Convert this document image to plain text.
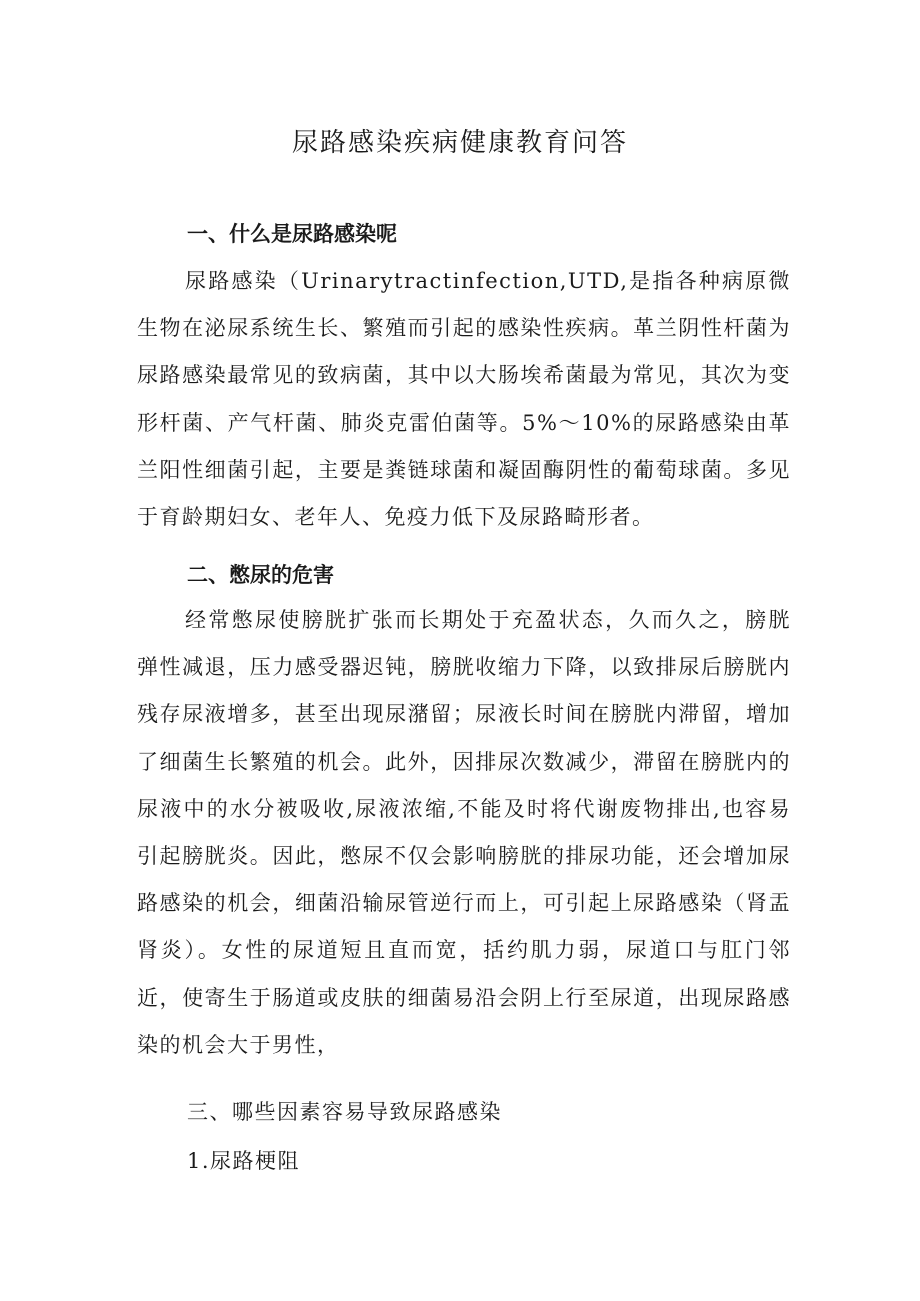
尿路感染疾病健康教育问答
一、什么是尿路感染呢
尿路感染（Urinarytractinfection,UTD,是指各种病原微生物在泌尿系统生长、繁殖而引起的感染性疾病。革兰阴性杆菌为尿路感染最常见的致病菌，其中以大肠埃希菌最为常见，其次为变形杆菌、产气杆菌、肺炎克雷伯菌等。5%～10%的尿路感染由革兰阳性细菌引起，主要是粪链球菌和凝固酶阴性的葡萄球菌。多见于育龄期妇女、老年人、免疫力低下及尿路畸形者。
二、憋尿的危害
经常憋尿使膀胱扩张而长期处于充盈状态，久而久之，膀胱弹性减退，压力感受器迟钝，膀胱收缩力下降，以致排尿后膀胱内残存尿液增多，甚至出现尿潴留；尿液长时间在膀胱内滞留，增加了细菌生长繁殖的机会。此外，因排尿次数减少，滞留在膀胱内的尿液中的水分被吸收,尿液浓缩,不能及时将代谢废物排出,也容易引起膀胱炎。因此，憋尿不仅会影响膀胱的排尿功能，还会增加尿路感染的机会，细菌沿输尿管逆行而上，可引起上尿路感染（肾盂肾炎）。女性的尿道短且直而宽，括约肌力弱，尿道口与肛门邻近，使寄生于肠道或皮肤的细菌易沿会阴上行至尿道，出现尿路感染的机会大于男性，
三、哪些因素容易导致尿路感染
1.尿路梗阻
